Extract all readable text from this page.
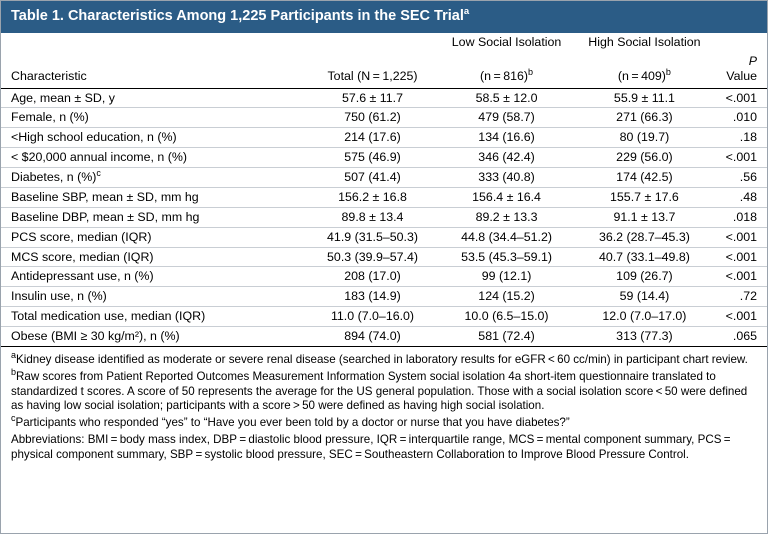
Table 1. Characteristics Among 1,225 Participants in the SEC Trial$^a$
		Low Social Isolation	High Social Isolation	
Characteristic	Total (N = 1,225)	(n = 816)$^b$	(n = 409)$^b$	P Value
Age, mean ± SD, y	57.6 ± 11.7	58.5 ± 12.0	55.9 ± 11.1	<.001
Female, n (%)	750 (61.2)	479 (58.7)	271 (66.3)	.010
<High school education, n (%)	214 (17.6)	134 (16.6)	80 (19.7)	.18
< $20,000 annual income, n (%)	575 (46.9)	346 (42.4)	229 (56.0)	<.001
Diabetes, n (%)$^c$	507 (41.4)	333 (40.8)	174 (42.5)	.56
Baseline SBP, mean ± SD, mm hg	156.2 ± 16.8	156.4 ± 16.4	155.7 ± 17.6	.48
Baseline DBP, mean ± SD, mm hg	89.8 ± 13.4	89.2 ± 13.3	91.1 ± 13.7	.018
PCS score, median (IQR)	41.9 (31.5–50.3)	44.8 (34.4–51.2)	36.2 (28.7–45.3)	<.001
MCS score, median (IQR)	50.3 (39.9–57.4)	53.5 (45.3–59.1)	40.7 (33.1–49.8)	<.001
Antidepressant use, n (%)	208 (17.0)	99 (12.1)	109 (26.7)	<.001
Insulin use, n (%)	183 (14.9)	124 (15.2)	59 (14.4)	.72
Total medication use, median (IQR)	11.0 (7.0–16.0)	10.0 (6.5–15.0)	12.0 (7.0–17.0)	<.001
Obese (BMI ≥ 30 kg/m²), n (%)	894 (74.0)	581 (72.4)	313 (77.3)	.065

$^a$Kidney disease identified as moderate or severe renal disease (searched in laboratory results for eGFR < 60 cc/min) in participant chart review.

$^b$Raw scores from Patient Reported Outcomes Measurement Information System social isolation 4a short-item questionnaire translated to standardized t scores. A score of 50 represents the average for the US general population. Those with a social isolation score < 50 were defined as having low social isolation; participants with a score > 50 were defined as having high social isolation.

$^c$Participants who responded “yes” to “Have you ever been told by a doctor or nurse that you have diabetes?”

Abbreviations: BMI = body mass index, DBP = diastolic blood pressure, IQR = interquartile range, MCS = mental component summary, PCS = physical component summary, SBP = systolic blood pressure, SEC = Southeastern Collaboration to Improve Blood Pressure Control.
